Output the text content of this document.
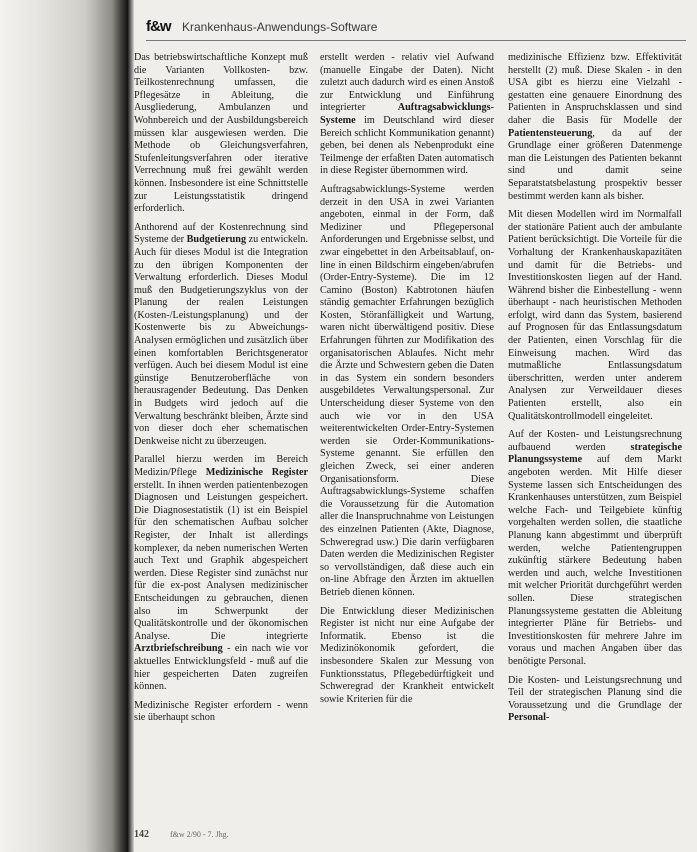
f&w Krankenhaus-Anwendungs-Software

Das betriebswirtschaftliche Konzept muß die Varianten Vollkosten- bzw. Teilkostenrechnung umfassen, die Pflegesätze in Ableitung, die Ausgliederung, Ambulanzen und Wohnbereich und der Ausbildungsbereich müssen klar ausgewiesen werden. Die Methode ob Gleichungsverfahren, Stufenleitungsverfahren oder iterative Verrechnung muß frei gewählt werden können. Insbesondere ist eine Schnittstelle zur Leistungsstatistik dringend erforderlich.

Anthorend auf der Kostenrechnung sind Systeme der Budgetierung zu entwickeln. Auch für dieses Modul ist die Integration zu den übrigen Komponenten der Verwaltung erforderlich. Dieses Modul muß den Budgetierungszyklus von der Planung der realen Leistungen (Kosten-/Leistungsplanung) und der Kostenwerte bis zu Abweichungs-Analysen ermöglichen und zusätzlich über einen komfortablen Berichtsgenerator verfügen. Auch bei diesem Modul ist eine günstige Benutzeroberfläche von herausragender Bedeutung. Das Denken in Budgets wird jedoch auf die Verwaltung beschränkt bleiben, Ärzte sind von dieser doch eher schematischen Denkweise nicht zu überzeugen.

Parallel hierzu werden im Bereich Medizin/Pflege Medizinische Register erstellt. In ihnen werden patientenbezogen Diagnosen und Leistungen gespeichert. Die Diagnosestatistik (1) ist ein Beispiel für den schematischen Aufbau solcher Register, der Inhalt ist allerdings komplexer, da neben numerischen Werten auch Text und Graphik abgespeichert werden. Diese Register sind zunächst nur für die ex-post Analysen medizinischer Entscheidungen zu gebrauchen, dienen also im Schwerpunkt der Qualitätskontrolle und der ökonomischen Analyse. Die integrierte Arztbriefschreibung - ein nach wie vor aktuelles Entwicklungsfeld - muß auf die hier gespeicherten Daten zugreifen können.

Medizinische Register erfordern - wenn sie überhaupt schon

erstellt werden - relativ viel Aufwand (manuelle Eingabe der Daten). Nicht zuletzt auch dadurch wird es einen Anstoß zur Entwicklung und Einführung integrierter Auftragsabwicklungs-Systeme im Deutschland wird dieser Bereich schlicht Kommunikation genannt) geben, bei denen als Nebenprodukt eine Teilmenge der erfaßten Daten automatisch in diese Register übernommen wird.

Auftragsabwicklungs-Systeme werden derzeit in den USA in zwei Varianten angeboten, einmal in der Form, daß Mediziner und Pflegepersonal Anforderungen und Ergebnisse selbst, und zwar eingebettet in den Arbeitsablauf, on-line in einen Bildschirm eingeben/abrufen (Order-Entry-Systeme). Die im 12 Camino (Boston) Kabtrotonen häufen ständig gemachter Erfahrungen bezüglich Kosten, Störanfälligkeit und Wartung, waren nicht überwältigend positiv. Diese Erfahrungen führten zur Modifikation des organisatorischen Ablaufes. Nicht mehr die Ärzte und Schwestern geben die Daten in das System ein sondern besonders ausgebildetes Verwaltungspersonal. Zur Unterscheidung dieser Systeme von den auch wie vor in den USA weiterentwickelten Order-Entry-Systemen werden sie Order-Kommunikations-Systeme genannt. Sie erfüllen den gleichen Zweck, sei einer anderen Organisationsform. Diese Auftragsabwicklungs-Systeme schaffen die Voraussetzung für die Automation aller die Inanspruchnahme von Leistungen des einzelnen Patienten (Akte, Diagnose, Schweregrad usw.) Die darin verfügbaren Daten werden die Medizinischen Register so vervollständigen, daß diese auch ein on-line Abfrage den Ärzten im aktuellen Betrieb dienen können.

Die Entwicklung dieser Medizinischen Register ist nicht nur eine Aufgabe der Informatik. Ebenso ist die Medizinökonomik gefordert, die insbesondere Skalen zur Messung von Funktionsstatus, Pflegebedürftigkeit und Schweregrad der Krankheit entwickelt sowie Kriterien für die

medizinische Effizienz bzw. Effektivität herstellt (2) muß. Diese Skalen - in den USA gibt es hierzu eine Vielzahl - gestatten eine genauere Einordnung des Patienten in Anspruchsklassen und sind daher die Basis für Modelle der Patientensteuerung, da auf der Grundlage einer größeren Datenmenge man die Leistungen des Patienten bekannt sind und damit seine Separatstatsbelastung prospektiv besser bestimmt werden kann als bisher.

Mit diesen Modellen wird im Normalfall der stationäre Patient auch der ambulante Patient berücksichtigt. Die Vorteile für die Vorhaltung der Krankenhauskapazitäten und damit für die Betriebs- und Investitionskosten liegen auf der Hand. Während bisher die Einbestellung - wenn überhaupt - nach heuristischen Methoden erfolgt, wird dann das System, basierend auf Prognosen für das Entlassungsdatum der Patienten, einen Vorschlag für die Einweisung machen. Wird das mutmaßliche Entlassungsdatum überschritten, werden unter anderem Analysen zur Verweildauer dieses Patienten erstellt, also ein Qualitätskontrollmodell eingeleitet.

Auf der Kosten- und Leistungsrechnung aufbauend werden strategische Planungssysteme auf dem Markt angeboten werden. Mit Hilfe dieser Systeme lassen sich Entscheidungen des Krankenhauses unterstützen, zum Beispiel welche Fach- und Teilgebiete künftig vorgehalten werden sollen, die staatliche Planung kann abgestimmt und überprüft werden, welche Patientengruppen zukünftig stärkere Bedeutung haben werden und auch, welche Investitionen mit welcher Priorität durchgeführt werden sollen. Diese strategischen Planungssysteme gestatten die Ableitung integrierter Pläne für Betriebs- und Investitionskosten für mehrere Jahre im voraus und machen Angaben über das benötigte Personal.

Die Kosten- und Leistungsrechnung und Teil der strategischen Planung sind die Voraussetzung und die Grundlage der Personal-

142	f&w 2/90 - 7. Jhg.
